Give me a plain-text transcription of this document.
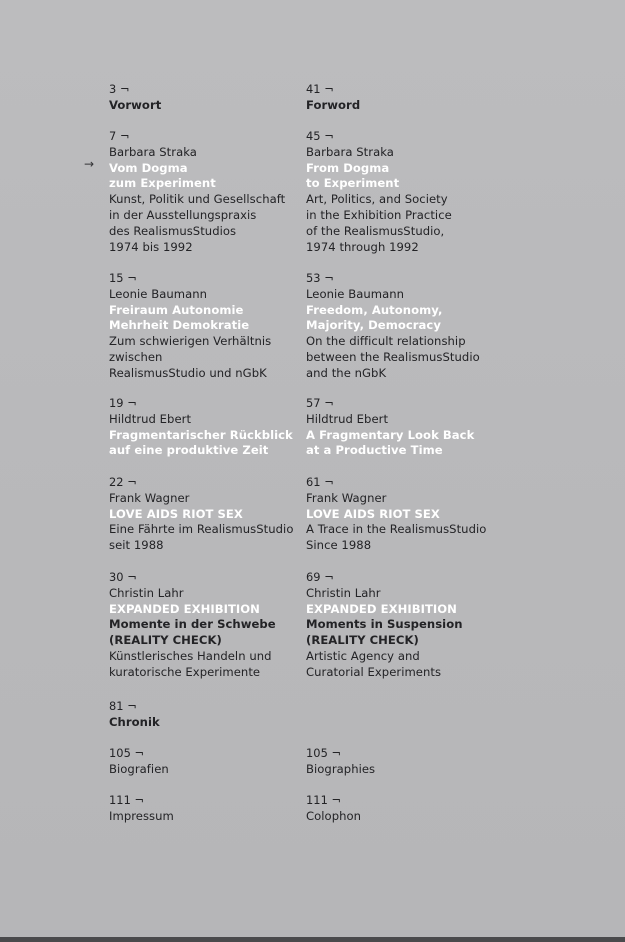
→
3 ¬
Vorwort
7 ¬
Barbara Straka
Vom Dogma
zum Experiment
Kunst, Politik und Gesellschaft
in der Ausstellungspraxis
des RealismusStudios
1974 bis 1992
15 ¬
Leonie Baumann
Freiraum Autonomie
Mehrheit Demokratie
Zum schwierigen Verhältnis
zwischen
RealismusStudio und nGbK
19 ¬
Hildtrud Ebert
Fragmentarischer Rückblick
auf eine produktive Zeit
22 ¬
Frank Wagner
LOVE AIDS RIOT SEX
Eine Fährte im RealismusStudio
seit 1988
30 ¬
Christin Lahr
EXPANDED EXHIBITION
Momente in der Schwebe
(REALITY CHECK)
Künstlerisches Handeln und
kuratorische Experimente
81 ¬
Chronik
105 ¬
Biografien
111 ¬
Impressum
41 ¬
Forword
45 ¬
Barbara Straka
From Dogma
to Experiment
Art, Politics, and Society
in the Exhibition Practice
of the RealismusStudio,
1974 through 1992
53 ¬
Leonie Baumann
Freedom, Autonomy,
Majority, Democracy
On the difficult relationship
between the RealismusStudio
and the nGbK
57 ¬
Hildtrud Ebert
A Fragmentary Look Back
at a Productive Time
61 ¬
Frank Wagner
LOVE AIDS RIOT SEX
A Trace in the RealismusStudio
Since 1988
69 ¬
Christin Lahr
EXPANDED EXHIBITION
Moments in Suspension
(REALITY CHECK)
Artistic Agency and
Curatorial Experiments
105 ¬
Biographies
111 ¬
Colophon
